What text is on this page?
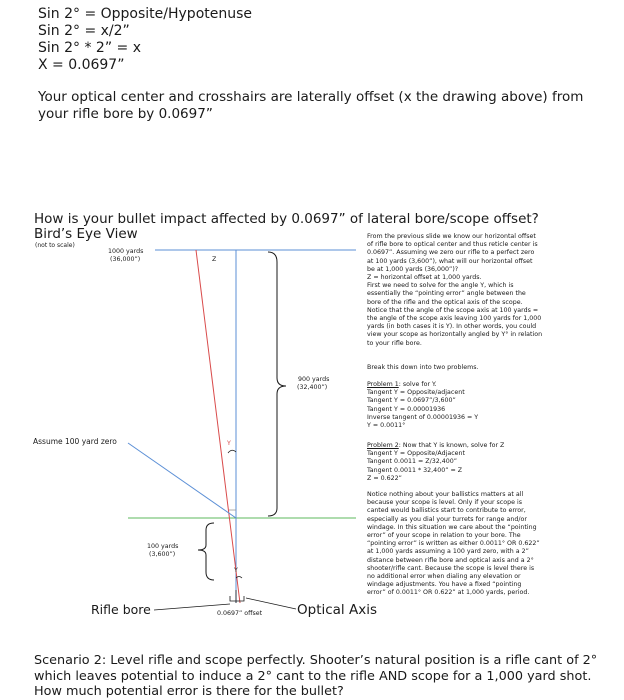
Sin 2° = Opposite/Hypotenuse
Sin 2° = x/2”
Sin 2° * 2” = x
X = 0.0697”
Your optical center and crosshairs are laterally offset (x the drawing above) from
your rifle bore by 0.0697”
How is your bullet impact affected by 0.0697” of lateral bore/scope offset?
Bird’s Eye View
(not to scale)
1000 yards
(36,000”)	Z
900 yards
(32,400”)
Y
Assume 100 yard zero
100 yards
(3,600”)
Y
Rifle bore	0.0697” offset	Optical Axis
From the previous slide we know our horizontal offset
of rifle bore to optical center and thus reticle center is
0.0697”. Assuming we zero our rifle to a perfect zero
at 100 yards (3,600”), what will our horizontal offset
be at 1,000 yards (36,000”)?
Z = horizontal offset at 1,000 yards.
First we need to solve for the angle Y, which is
essentially the “pointing error” angle between the
bore of the rifle and the optical axis of the scope.
Notice that the angle of the scope axis at 100 yards =
the angle of the scope axis leaving 100 yards for 1,000
yards (in both cases it is Y). In other words, you could
view your scope as horizontally angled by Y° in relation
to your rifle bore.
Break this down into two problems.
Problem 1: solve for Y.
Tangent Y = Opposite/adjacent
Tangent Y = 0.0697”/3,600”
Tangent Y = 0.00001936
Inverse tangent of 0.00001936 = Y
Y = 0.0011°
Problem 2: Now that Y is known, solve for Z
Tangent Y = Opposite/Adjacent
Tangent 0.0011 = Z/32,400”
Tangent 0.0011 * 32,400” = Z
Z = 0.622”
Notice nothing about your ballistics matters at all
because your scope is level. Only if your scope is
canted would ballistics start to contribute to error,
especially as you dial your turrets for range and/or
windage. In this situation we care about the “pointing
error” of your scope in relation to your bore. The
“pointing error” is written as either 0.0011° OR 0.622”
at 1,000 yards assuming a 100 yard zero, with a 2”
distance between rifle bore and optical axis and a 2°
shooter/rifle cant. Because the scope is level there is
no additional error when dialing any elevation or
windage adjustments. You have a fixed “pointing
error” of 0.0011° OR 0.622” at 1,000 yards, period.
Scenario 2: Level rifle and scope perfectly. Shooter’s natural position is a rifle cant of 2°
which leaves potential to induce a 2° cant to the rifle AND scope for a 1,000 yard shot.
How much potential error is there for the bullet?
